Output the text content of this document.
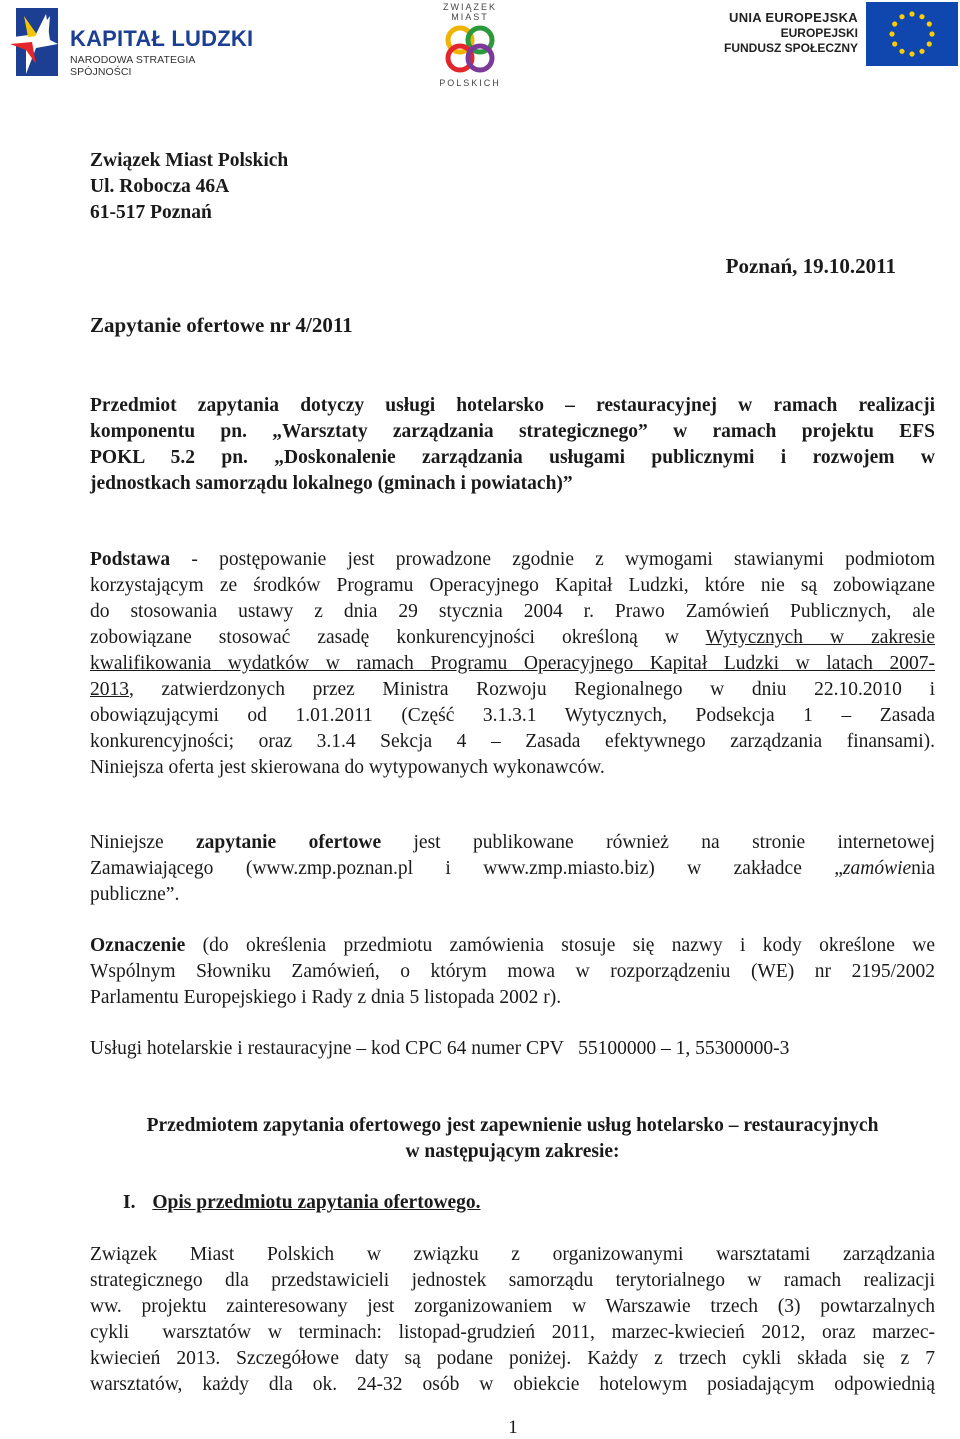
KAPITAŁ LUDZKI
NARODOWA STRATEGIA SPÓJNOŚCI
ZWIĄZEK MIAST
POLSKICH
UNIA EUROPEJSKA
EUROPEJSKI
FUNDUSZ SPOŁECZNY
Związek Miast Polskich
Ul. Robocza 46A
61-517 Poznań
Poznań, 19.10.2011
Zapytanie ofertowe nr 4/2011
Przedmiot zapytania dotyczy usługi hotelarsko – restauracyjnej w ramach realizacji
komponentu pn. „Warsztaty zarządzania strategicznego” w ramach projektu EFS
POKL 5.2 pn. „Doskonalenie zarządzania usługami publicznymi i rozwojem w
jednostkach samorządu lokalnego (gminach i powiatach)”
Podstawa - postępowanie jest prowadzone zgodnie z wymogami stawianymi podmiotom
korzystającym ze środków Programu Operacyjnego Kapitał Ludzki, które nie są zobowiązane
do stosowania ustawy z dnia 29 stycznia 2004 r. Prawo Zamówień Publicznych, ale
zobowiązane stosować zasadę konkurencyjności określoną w Wytycznych w zakresie
kwalifikowania wydatków w ramach Programu Operacyjnego Kapitał Ludzki w latach 2007-
2013, zatwierdzonych przez Ministra Rozwoju Regionalnego w dniu 22.10.2010 i
obowiązującymi od 1.01.2011 (Część 3.1.3.1 Wytycznych, Podsekcja 1 – Zasada
konkurencyjności; oraz 3.1.4 Sekcja 4 – Zasada efektywnego zarządzania finansami).
Niniejsza oferta jest skierowana do wytypowanych wykonawców.
Niniejsze zapytanie ofertowe jest publikowane również na stronie internetowej
Zamawiającego (www.zmp.poznan.pl i www.zmp.miasto.biz) w zakładce „zamówienia
publiczne”.
Oznaczenie (do określenia przedmiotu zamówienia stosuje się nazwy i kody określone we
Wspólnym Słowniku Zamówień, o którym mowa w rozporządzeniu (WE) nr 2195/2002
Parlamentu Europejskiego i Rady z dnia 5 listopada 2002 r).
Usługi hotelarskie i restauracyjne – kod CPC 64 numer CPV   55100000 – 1, 55300000-3
Przedmiotem zapytania ofertowego jest zapewnienie usług hotelarsko – restauracyjnych
w następującym zakresie:
I. Opis przedmiotu zapytania ofertowego.
Związek Miast Polskich w związku z organizowanymi warsztatami zarządzania
strategicznego dla przedstawicieli jednostek samorządu terytorialnego w ramach realizacji
ww. projektu zainteresowany jest zorganizowaniem w Warszawie trzech (3) powtarzalnych
cykli  warsztatów w terminach: listopad-grudzień 2011, marzec-kwiecień 2012, oraz marzec-
kwiecień 2013. Szczegółowe daty są podane poniżej. Każdy z trzech cykli składa się z 7
warsztatów, każdy dla ok. 24-32 osób w obiekcie hotelowym posiadającym odpowiednią
1
